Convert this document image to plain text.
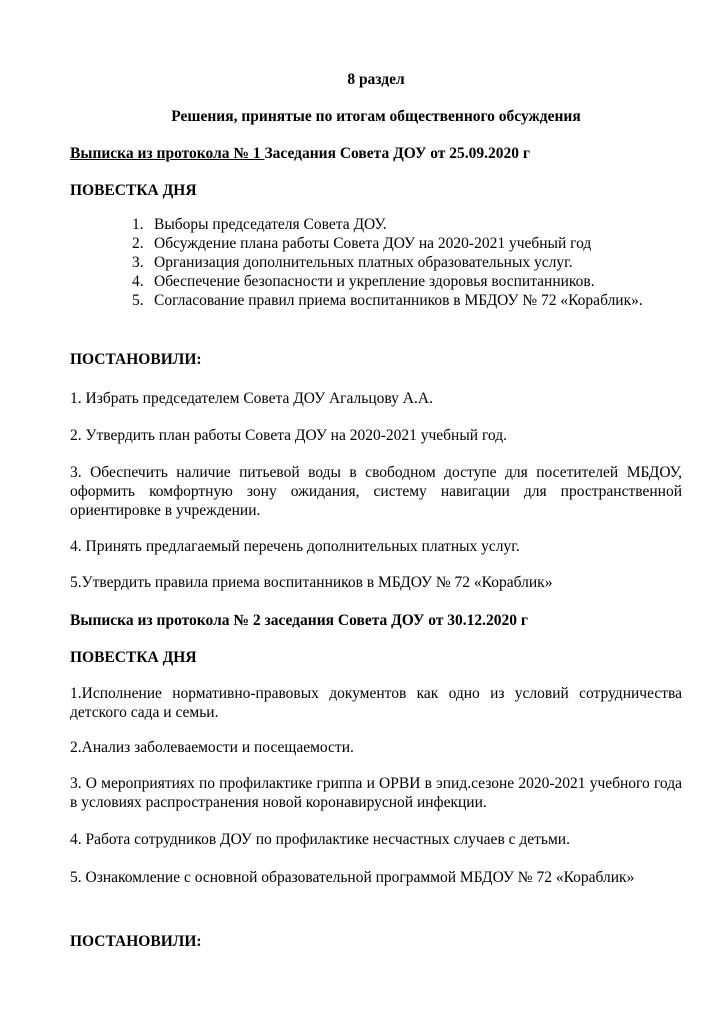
8 раздел

Решения, принятые по итогам общественного обсуждения

Выписка из протокола № 1 Заседания Совета ДОУ от 25.09.2020 г

ПОВЕСТКА ДНЯ

1. Выборы председателя Совета ДОУ.
2. Обсуждение плана работы Совета ДОУ на 2020-2021 учебный год
3. Организация дополнительных платных образовательных услуг.
4. Обеспечение безопасности и укрепление здоровья воспитанников.
5. Согласование правил приема воспитанников в МБДОУ № 72 «Кораблик».

ПОСТАНОВИЛИ:

1. Избрать председателем Совета ДОУ Агальцову А.А.

2. Утвердить план работы Совета ДОУ на 2020-2021 учебный год.

3. Обеспечить наличие питьевой воды в свободном доступе для посетителей МБДОУ, оформить комфортную зону ожидания, систему навигации для пространственной ориентировке в учреждении.

4. Принять предлагаемый перечень дополнительных платных услуг.

5.Утвердить правила приема воспитанников в МБДОУ № 72 «Кораблик»

Выписка из протокола № 2 заседания Совета ДОУ от 30.12.2020 г

ПОВЕСТКА ДНЯ

1.Исполнение нормативно-правовых документов как одно из условий сотрудничества детского сада и семьи.

2.Анализ заболеваемости и посещаемости.

3. О мероприятиях по профилактике гриппа и ОРВИ в эпид.сезоне 2020-2021 учебного года в условиях распространения новой коронавирусной инфекции.

4. Работа сотрудников ДОУ по профилактике несчастных случаев с детьми.

5. Ознакомление с основной образовательной программой МБДОУ № 72 «Кораблик»

ПОСТАНОВИЛИ:
